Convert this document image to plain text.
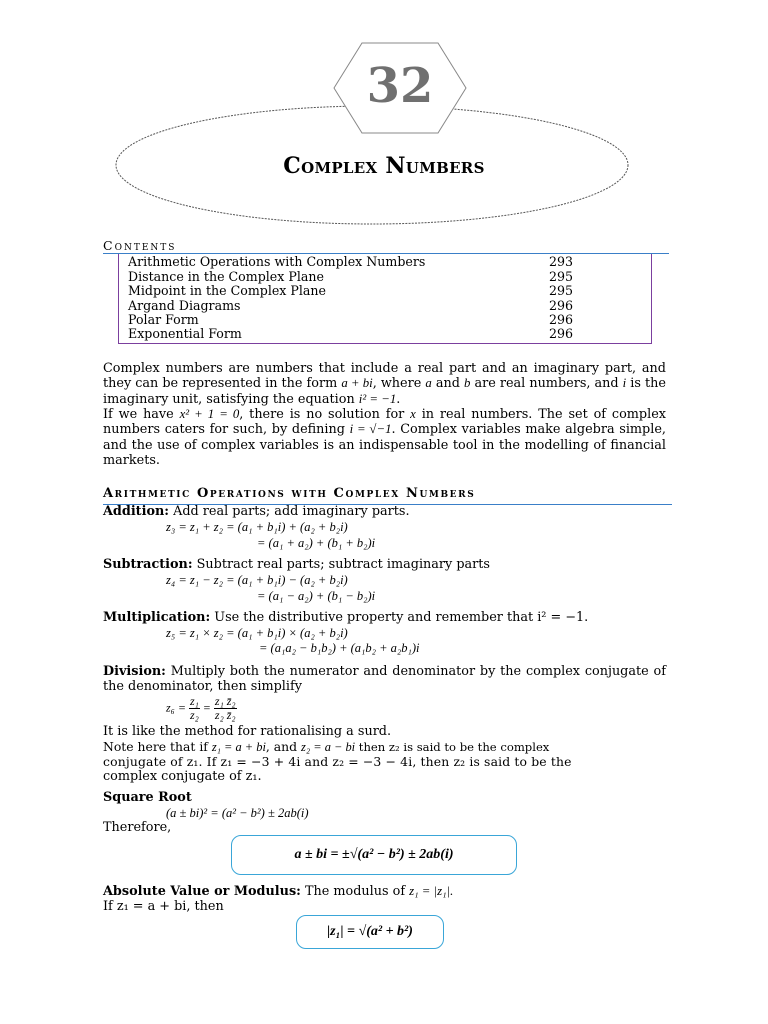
32
Complex Numbers
Contents
Arithmetic Operations with Complex Numbers	293
Distance in the Complex Plane	295
Midpoint in the Complex Plane	295
Argand Diagrams	296
Polar Form	296
Exponential Form	296
Complex numbers are numbers that include a real part and an imaginary part, and they can be represented in the form a + bi, where a and b are real numbers, and i is the imaginary unit, satisfying the equation i² = −1.
If we have x² + 1 = 0, there is no solution for x in real numbers. The set of complex numbers caters for such, by defining i = √−1. Complex variables make algebra simple, and the use of complex variables is an indispensable tool in the modelling of financial markets.
Arithmetic Operations with Complex Numbers
Addition: Add real parts; add imaginary parts.
z₃ = z₁ + z₂ = (a₁ + b₁i) + (a₂ + b₂i)
= (a₁ + a₂) + (b₁ + b₂)i
Subtraction: Subtract real parts; subtract imaginary parts
z₄ = z₁ − z₂ = (a₁ + b₁i) − (a₂ + b₂i)
= (a₁ − a₂) + (b₁ − b₂)i
Multiplication: Use the distributive property and remember that i² = −1.
z₅ = z₁ × z₂ = (a₁ + b₁i) × (a₂ + b₂i)
= (a₁a₂ − b₁b₂) + (a₁b₂ + a₂b₁)i
Division: Multiply both the numerator and denominator by the complex conjugate of the denominator, then simplify
$z_6 = \frac{\text{z₁}}{\text{z₂}} = \frac{\text{z₁ z̄₂}}{\text{z₂ z̄₂}}$
It is like the method for rationalising a surd.
Note here that if z₁ = a + bi, and z₂ = a − bi then z₂ is said to be the complex
conjugate of z₁. If z₁ = −3 + 4i and z₂ = −3 − 4i, then z₂ is said to be the
complex conjugate of z₁.
Square Root
(a ± bi)² = (a² − b²) ± 2ab(i)
Therefore,
a ± bi = ±√(a² − b²) ± 2ab(i)
Absolute Value or Modulus: The modulus of z₁ = |z₁|.
If z₁ = a + bi, then
|z₁| = √(a² + b²)
